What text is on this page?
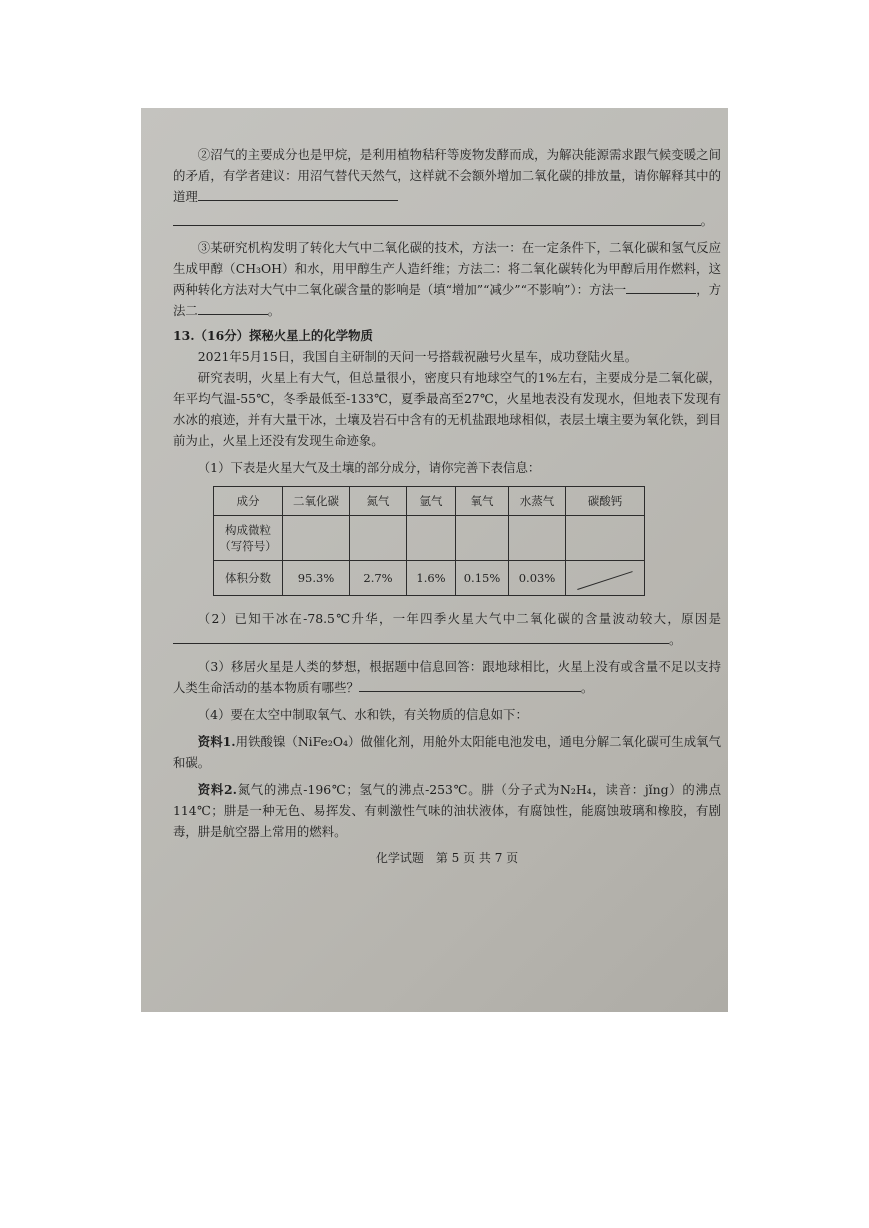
②沼气的主要成分也是甲烷，是利用植物秸秆等废物发酵而成，为解决能源需求跟气候变暖之间的矛盾，有学者建议：用沼气替代天然气，这样就不会额外增加二氧化碳的排放量，请你解释其中的道理

。

③某研究机构发明了转化大气中二氧化碳的技术，方法一：在一定条件下，二氧化碳和氢气反应生成甲醇（CH₃OH）和水，用甲醇生产人造纤维；方法二：将二氧化碳转化为甲醇后用作燃料，这两种转化方法对大气中二氧化碳含量的影响是（填“增加”“减少”“不影响”）：方法一	，方法二	。

13.（16分）探秘火星上的化学物质

2021年5月15日，我国自主研制的天问一号搭载祝融号火星车，成功登陆火星。

研究表明，火星上有大气，但总量很小，密度只有地球空气的1%左右，主要成分是二氧化碳，年平均气温-55℃，冬季最低至-133℃，夏季最高至27℃，火星地表没有发现水，但地表下发现有水冰的痕迹，并有大量干冰，土壤及岩石中含有的无机盐跟地球相似，表层土壤主要为氧化铁，到目前为止，火星上还没有发现生命迹象。

（1）下表是火星大气及土壤的部分成分，请你完善下表信息：

成分	二氧化碳	氮气	氩气	氧气	水蒸气	碳酸钙
构成微粒（写符号）						
体积分数	95.3%	2.7%	1.6%	0.15%	0.03%	

（2）已知干冰在-78.5℃升华，一年四季火星大气中二氧化碳的含量波动较大，原因是。

（3）移居火星是人类的梦想，根据题中信息回答：跟地球相比，火星上没有或含量不足以支持人类生命活动的基本物质有哪些？	。

（4）要在太空中制取氧气、水和铁，有关物质的信息如下：

资料1.用铁酸镍（NiFe₂O₄）做催化剂，用舱外太阳能电池发电，通电分解二氧化碳可生成氧气和碳。

资料2.氮气的沸点-196℃；氢气的沸点-253℃。肼（分子式为N₂H₄，读音：jǐng）的沸点114℃；肼是一种无色、易挥发、有刺激性气味的油状液体，有腐蚀性，能腐蚀玻璃和橡胶，有剧毒，肼是航空器上常用的燃料。

化学试题　第 5 页 共 7 页
